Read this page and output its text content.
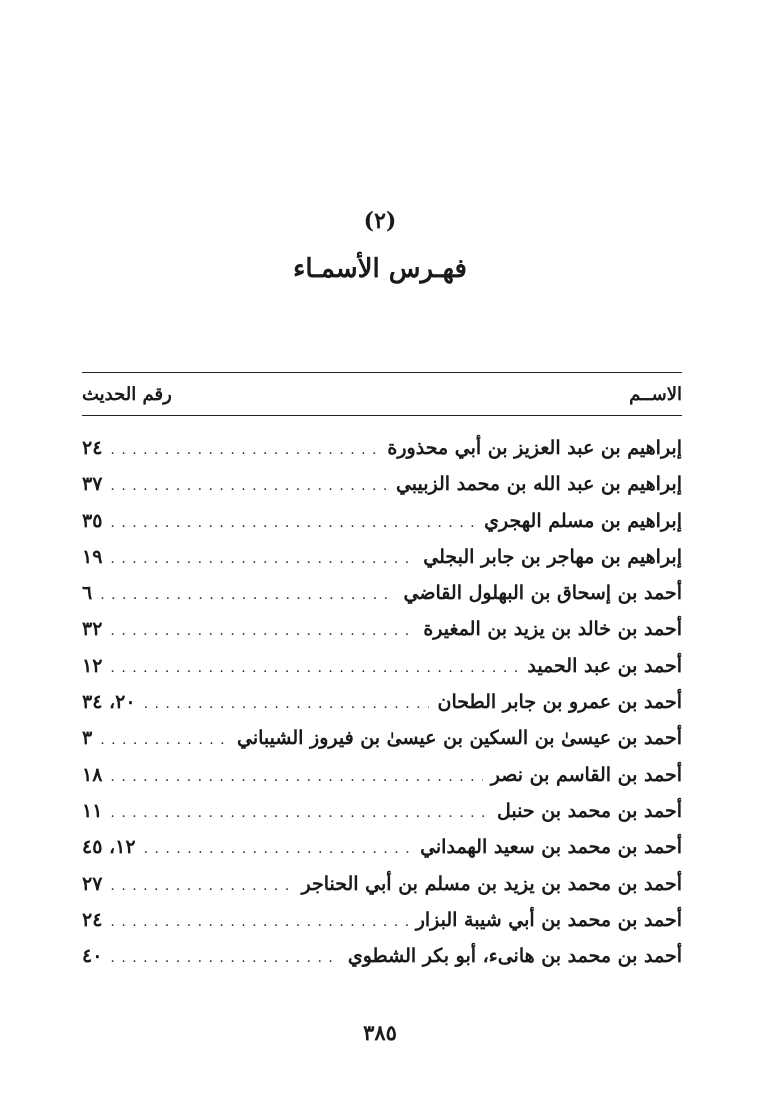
(٢)
فهـرس الأسمـاء
الاســم
رقم الحديث
إبراهيم بن عبد العزيز بن أبي محذورة
. . .
٢٤
إبراهيم بن عبد الله بن محمد الزبيبي
. . .
٣٧
إبراهيم بن مسلم الهجري
. . .
٣٥
إبراهيم بن مهاجر بن جابر البجلي
. . .
١٩
أحمد بن إسحاق بن البهلول القاضي
. . .
٦
أحمد بن خالد بن يزيد بن المغيرة
. . .
٣٢
أحمد بن عبد الحميد
. . .
١٢
أحمد بن عمرو بن جابر الطحان
. . .
٢٠، ٣٤
أحمد بن عيسىٰ بن السكين بن عيسىٰ بن فيروز الشيباني
. . .
٣
أحمد بن القاسم بن نصر
. . .
١٨
أحمد بن محمد بن حنبل
. . .
١١
أحمد بن محمد بن سعيد الهمداني
. . .
١٢، ٤٥
أحمد بن محمد بن يزيد بن مسلم بن أبي الحناجر
. . .
٢٧
أحمد بن محمد بن أبي شيبة البزار
. . .
٢٤
أحمد بن محمد بن هانىء، أبو بكر الشطوي
. . .
٤٠
٣٨٥
